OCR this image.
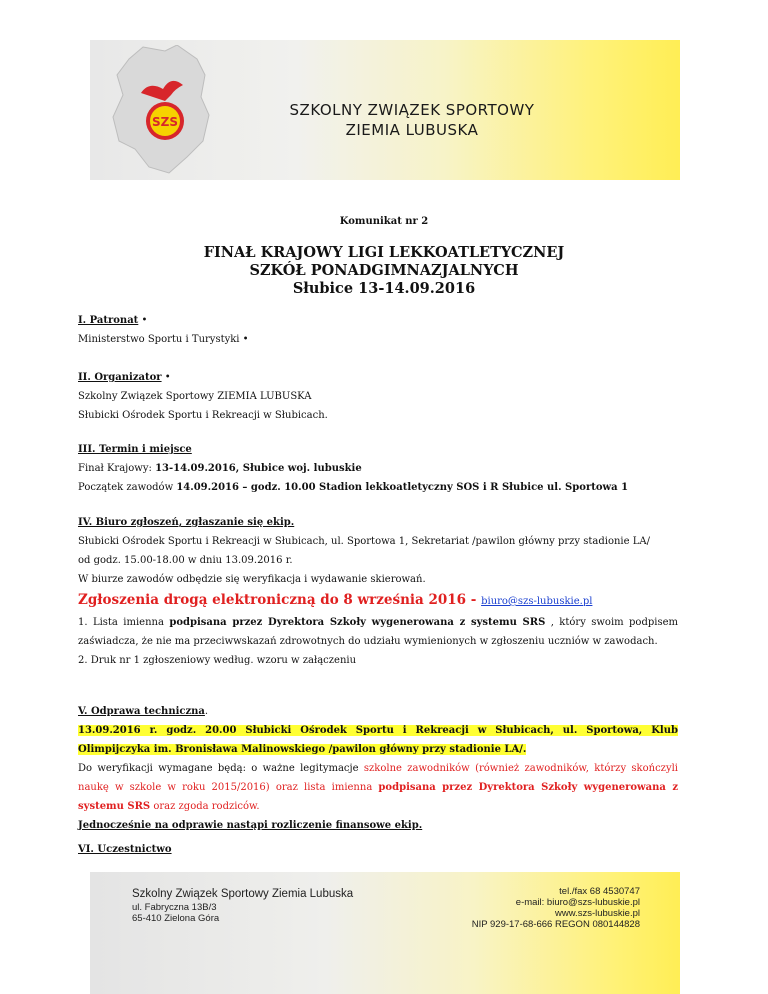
SZS
SZKOLNY ZWIĄZEK SPORTOWY
ZIEMIA LUBUSKA
Komunikat nr 2
FINAŁ KRAJOWY LIGI LEKKOATLETYCZNEJ
SZKÓŁ PONADGIMNAZJALNYCH
Słubice 13-14.09.2016
I. Patronat •
Ministerstwo Sportu i Turystyki •
II. Organizator •
Szkolny Związek Sportowy ZIEMIA LUBUSKA
Słubicki Ośrodek Sportu i Rekreacji w Słubicach.
III. Termin i miejsce
Finał Krajowy: 13-14.09.2016, Słubice woj. lubuskie
Początek zawodów 14.09.2016 – godz. 10.00 Stadion lekkoatletyczny SOS i R Słubice ul. Sportowa 1
IV. Biuro zgłoszeń, zgłaszanie się ekip.
Słubicki Ośrodek Sportu i Rekreacji w Słubicach, ul. Sportowa 1, Sekretariat /pawilon główny przy stadionie LA/
od godz. 15.00-18.00 w dniu 13.09.2016 r.
W biurze zawodów odbędzie się weryfikacja i wydawanie skierowań.
Zgłoszenia drogą elektroniczną do 8 września 2016 - biuro@szs-lubuskie.pl
1. Lista imienna podpisana przez Dyrektora Szkoły wygenerowana z systemu SRS , który swoim podpisem zaświadcza, że nie ma przeciwwskazań zdrowotnych do udziału wymienionych w zgłoszeniu uczniów w zawodach.
2. Druk nr 1 zgłoszeniowy według. wzoru w załączeniu
V. Odprawa techniczna.
13.09.2016 r. godz. 20.00 Słubicki Ośrodek Sportu i Rekreacji w Słubicach, ul. Sportowa, Klub Olimpijczyka im. Bronisława Malinowskiego /pawilon główny przy stadionie LA/.
Do weryfikacji wymagane będą: o ważne legitymacje szkolne zawodników (również zawodników, którzy skończyli naukę w szkole w roku 2015/2016) oraz lista imienna podpisana przez Dyrektora Szkoły wygenerowana z systemu SRS oraz zgoda rodziców.
Jednocześnie na odprawie nastąpi rozliczenie finansowe ekip.
VI. Uczestnictwo
Szkolny Związek Sportowy Ziemia Lubuska
ul. Fabryczna 13B/3
65-410 Zielona Góra
tel./fax 68 4530747
e-mail: biuro@szs-lubuskie.pl
www.szs-lubuskie.pl
NIP 929-17-68-666 REGON 080144828
